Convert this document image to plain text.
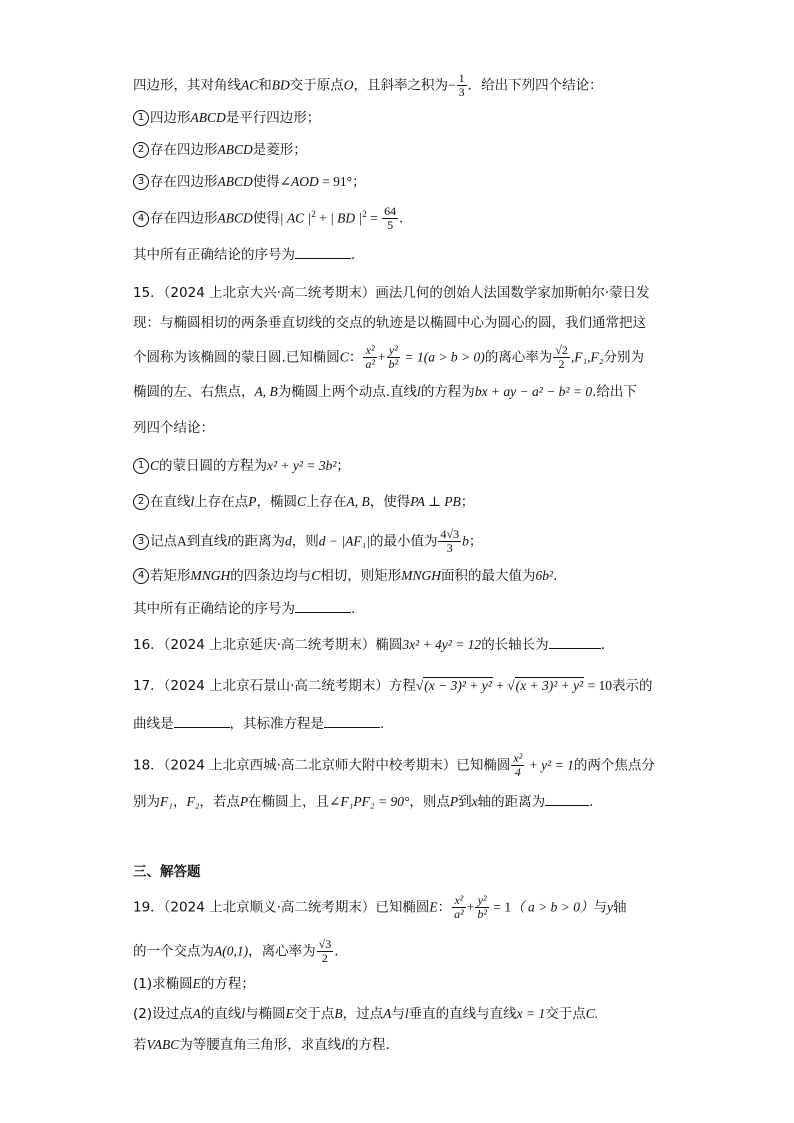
四边形，其对角线AC和BD交于原点O，且斜率之积为− $\frac{1}{3}$ ．给出下列四个结论：
1 四边形ABCD是平行四边形；
2 存在四边形ABCD是菱形；
3 存在四边形ABCD使得∠AOD = 91°；
4 存在四边形ABCD使得| AC $|^2$ + | BD $|^2 = \frac{64}{5}$ ．
其中所有正确结论的序号为	．
15．（2024 上北京大兴·高二统考期末）画法几何的创始人法国数学家加斯帕尔·蒙日发
现：与椭圆相切的两条垂直切线的交点的轨迹是以椭圆中心为圆心的圆，我们通常把这
个圆称为该椭圆的蒙日圆.已知椭圆C： $\frac{\text{x²}}{\text{a²}} + \frac{\text{y²}}{\text{b²}} = 1(a > b > 0)$的离心率为 $\frac{√2}{2} ,F_1,F_2$分别为
椭圆的左、右焦点，A, B为椭圆上两个动点.直线l的方程为bx + ay − a² − b² = 0.给出下
列四个结论：
1 C的蒙日圆的方程为x² + y² = 3b²；
2 在直线l上存在点P，椭圆C上存在A, B，使得PA ⊥ PB；
3 记点A到直线l的距离为d，则d − |AF₁|的最小值为 $\frac{4√3}{3}$ b；
4 若矩形MNGH的四条边均与C相切，则矩形MNGH面积的最大值为6b².
其中所有正确结论的序号为	.
16．（2024 上北京延庆·高二统考期末）椭圆3x² + 4y² = 12的长轴长为	．
17．（2024 上北京石景山·高二统考期末）方程√(x − 3)² + y² + √(x + 3)² + y² = 10表示的
曲线是	，其标准方程是	.
18．（2024 上北京西城·高二北京师大附中校考期末）已知椭圆 $\frac{\text{x²}}{4} + y^2 = 1$的两个焦点分
别为F₁，F₂，若点P在椭圆上，且∠F₁PF₂ = 90°，则点P到x轴的距离为	．
三、解答题
19．（2024 上北京顺义·高二统考期末）已知椭圆E： $\frac{\text{x²}}{\text{a²}} + \frac{\text{y²}}{\text{b²}} = 1$（ a > b > 0）与y轴
的一个交点为A(0,1)，离心率为 $\frac{√3}{2}$ .
(1)求椭圆E的方程；
(2)设过点A的直线l与椭圆E交于点B，过点A与l垂直的直线与直线x = 1交于点C.
若VABC为等腰直角三角形，求直线l的方程.
